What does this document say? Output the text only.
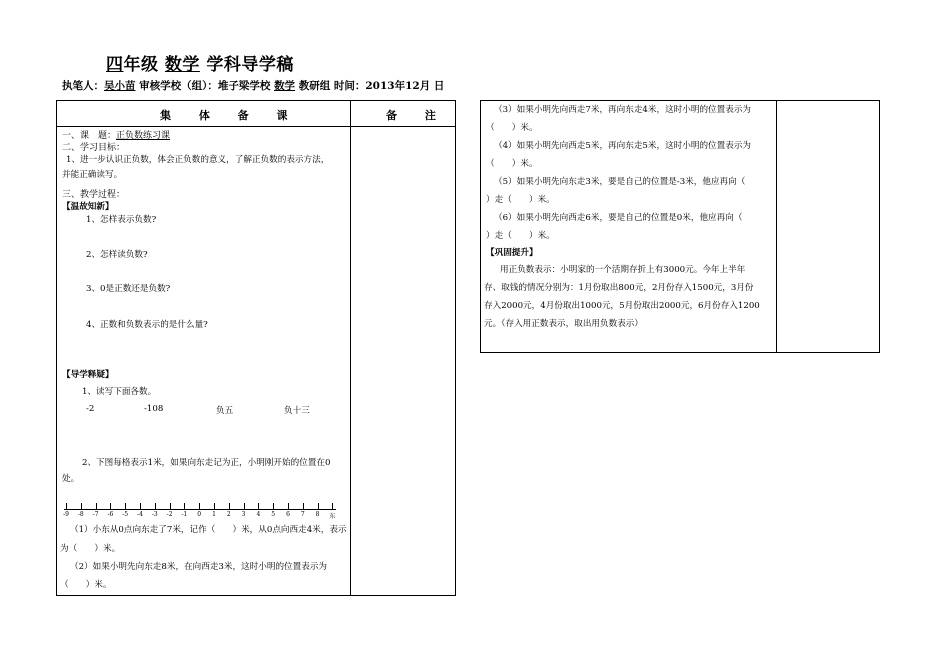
四年级 数学 学科导学稿
执笔人：吴小苗 审核学校（组）：堆子梁学校 数学 教研组 时间：2013年12月 日
集 体 备 课	备 注
一、课　题：正负数练习课
二、学习目标：
1、进一步认识正负数，体会正负数的意义，了解正负数的表示方法，
并能正确读写。
三、教学过程：
【温故知新】
1、怎样表示负数?
2、怎样读负数?
3、0是正数还是负数?
4、正数和负数表示的是什么量?
【导学释疑】
1、读写下面各数。
-2	-108	负五	负十三
2、下图每格表示1米，如果向东走记为正，小明刚开始的位置在0
处。
-9 -8 -7 -6 -5 -4 -3 -2 -1 0 1 2 3 4 5 6 7 8 东
（1）小东从0点向东走了7米，记作（　　）米，从0点向西走4米，表示
为（　　）米。
（2）如果小明先向东走8米，在向西走3米，这时小明的位置表示为
（　　）米。
（3）如果小明先向西走7米，再向东走4米，这时小明的位置表示为
（　　）米。
（4）如果小明先向西走5米，再向东走5米，这时小明的位置表示为
（　　）米。
（5）如果小明先向东走3米，要是自己的位置是-3米，他应再向（
）走（　　）米。
（6）如果小明先向西走6米，要是自己的位置是0米，他应再向（
）走（　　）米。
【巩固提升】
用正负数表示：小明家的一个活期存折上有3000元。今年上半年
存、取钱的情况分别为：1月份取出800元，2月份存入1500元，3月份
存入2000元，4月份取出1000元，5月份取出2000元，6月份存入1200
元。（存入用正数表示，取出用负数表示）
